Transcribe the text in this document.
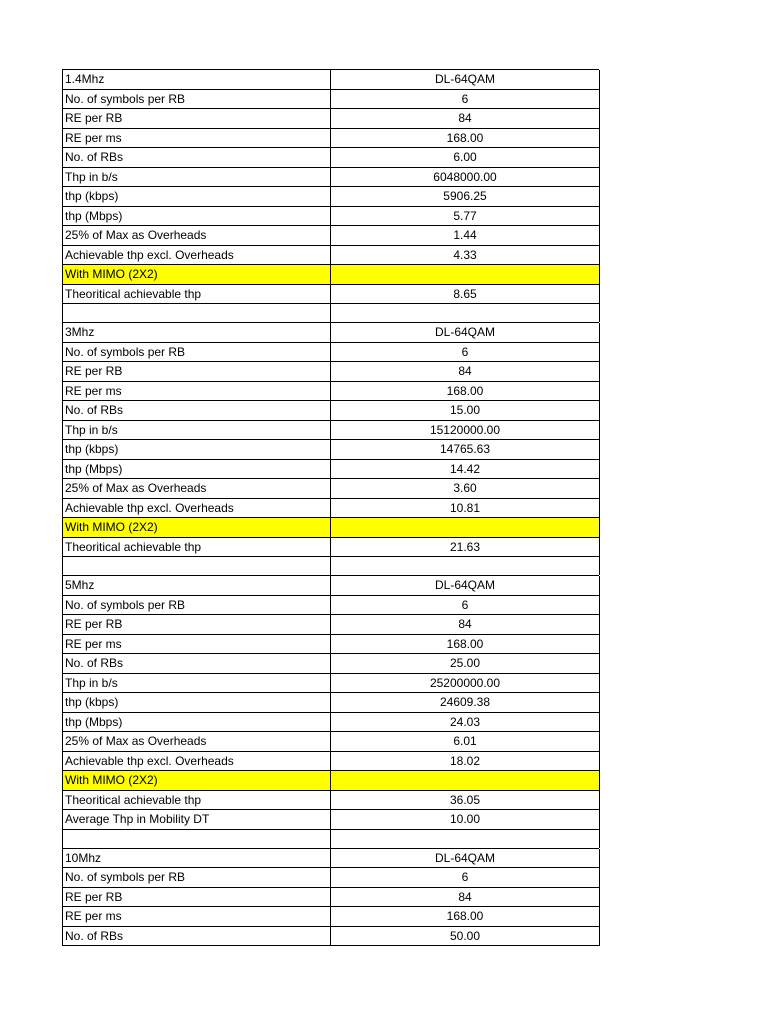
1.4Mhz	DL-64QAM
No. of symbols per RB	6
RE per RB	84
RE per ms	168.00
No. of RBs	6.00
Thp in b/s	6048000.00
thp (kbps)	5906.25
thp (Mbps)	5.77
25% of Max as Overheads	1.44
Achievable thp excl. Overheads	4.33
With MIMO (2X2)
Theoritical achievable thp	8.65
3Mhz	DL-64QAM
No. of symbols per RB	6
RE per RB	84
RE per ms	168.00
No. of RBs	15.00
Thp in b/s	15120000.00
thp (kbps)	14765.63
thp (Mbps)	14.42
25% of Max as Overheads	3.60
Achievable thp excl. Overheads	10.81
With MIMO (2X2)
Theoritical achievable thp	21.63
5Mhz	DL-64QAM
No. of symbols per RB	6
RE per RB	84
RE per ms	168.00
No. of RBs	25.00
Thp in b/s	25200000.00
thp (kbps)	24609.38
thp (Mbps)	24.03
25% of Max as Overheads	6.01
Achievable thp excl. Overheads	18.02
With MIMO (2X2)
Theoritical achievable thp	36.05
Average Thp in Mobility DT	10.00
10Mhz	DL-64QAM
No. of symbols per RB	6
RE per RB	84
RE per ms	168.00
No. of RBs	50.00
